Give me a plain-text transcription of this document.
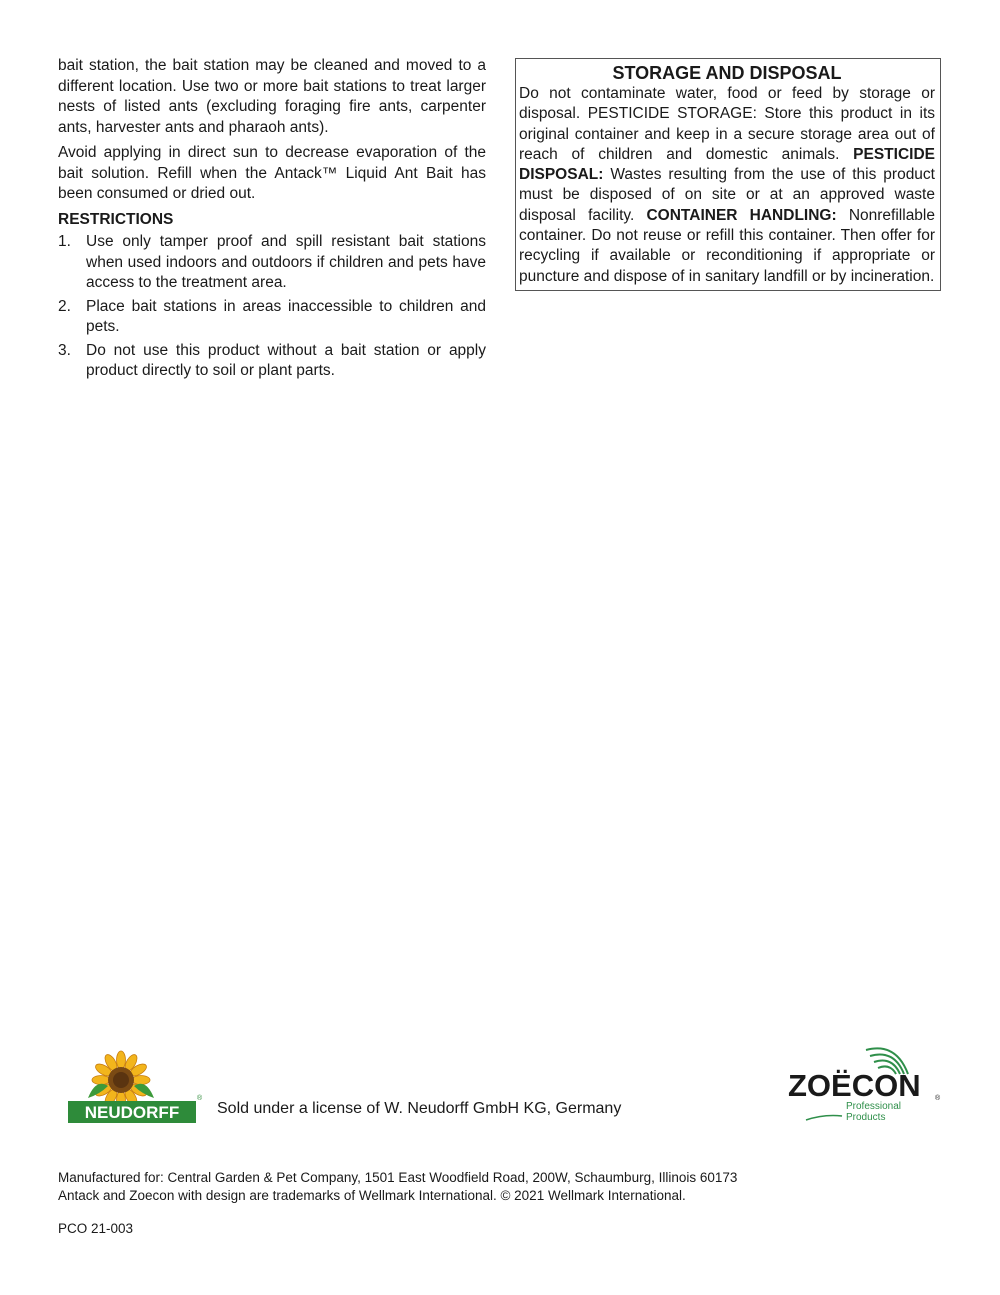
bait station, the bait station may be cleaned and moved to a different location. Use two or more bait stations to treat larger nests of listed ants (excluding foraging fire ants, carpenter ants, harvester ants and pharaoh ants).

Avoid applying in direct sun to decrease evaporation of the bait solution. Refill when the Antack™ Liquid Ant Bait has been consumed or dried out.

RESTRICTIONS
1. Use only tamper proof and spill resistant bait stations when used indoors and outdoors if children and pets have access to the treatment area.
2. Place bait stations in areas inaccessible to children and pets.
3. Do not use this product without a bait station or apply product directly to soil or plant parts.
STORAGE AND DISPOSAL
Do not contaminate water, food or feed by storage or disposal. PESTICIDE STORAGE: Store this product in its original container and keep in a secure storage area out of reach of children and domestic animals. PESTICIDE DISPOSAL: Wastes resulting from the use of this product must be disposed of on site or at an approved waste disposal facility. CONTAINER HANDLING: Nonrefillable container. Do not reuse or refill this container. Then offer for recycling if available or reconditioning if appropriate or puncture and dispose of in sanitary landfill or by incineration.
NEUDORFF
®
Sold under a license of W. Neudorff GmbH KG, Germany
ZOËCON ®
Professional
Products
Manufactured for: Central Garden & Pet Company, 1501 East Woodfield Road, 200W, Schaumburg, Illinois 60173
Antack and Zoecon with design are trademarks of Wellmark International. © 2021 Wellmark International.
PCO 21-003
